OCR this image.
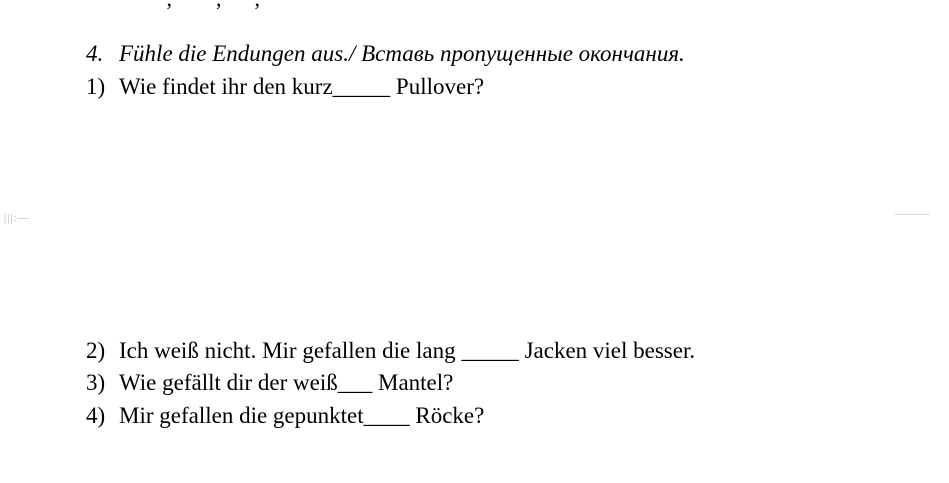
4. Fühle die Endungen aus./ Вставь пропущенные окончания.
1) Wie findet ihr den kurz_____ Pullover?
2) Ich weiß nicht. Mir gefallen die lang _____ Jacken viel besser.
3) Wie gefällt dir der weiß___ Mantel?
4) Mir gefallen die gepunktet____ Röcke?
|||:—	———
